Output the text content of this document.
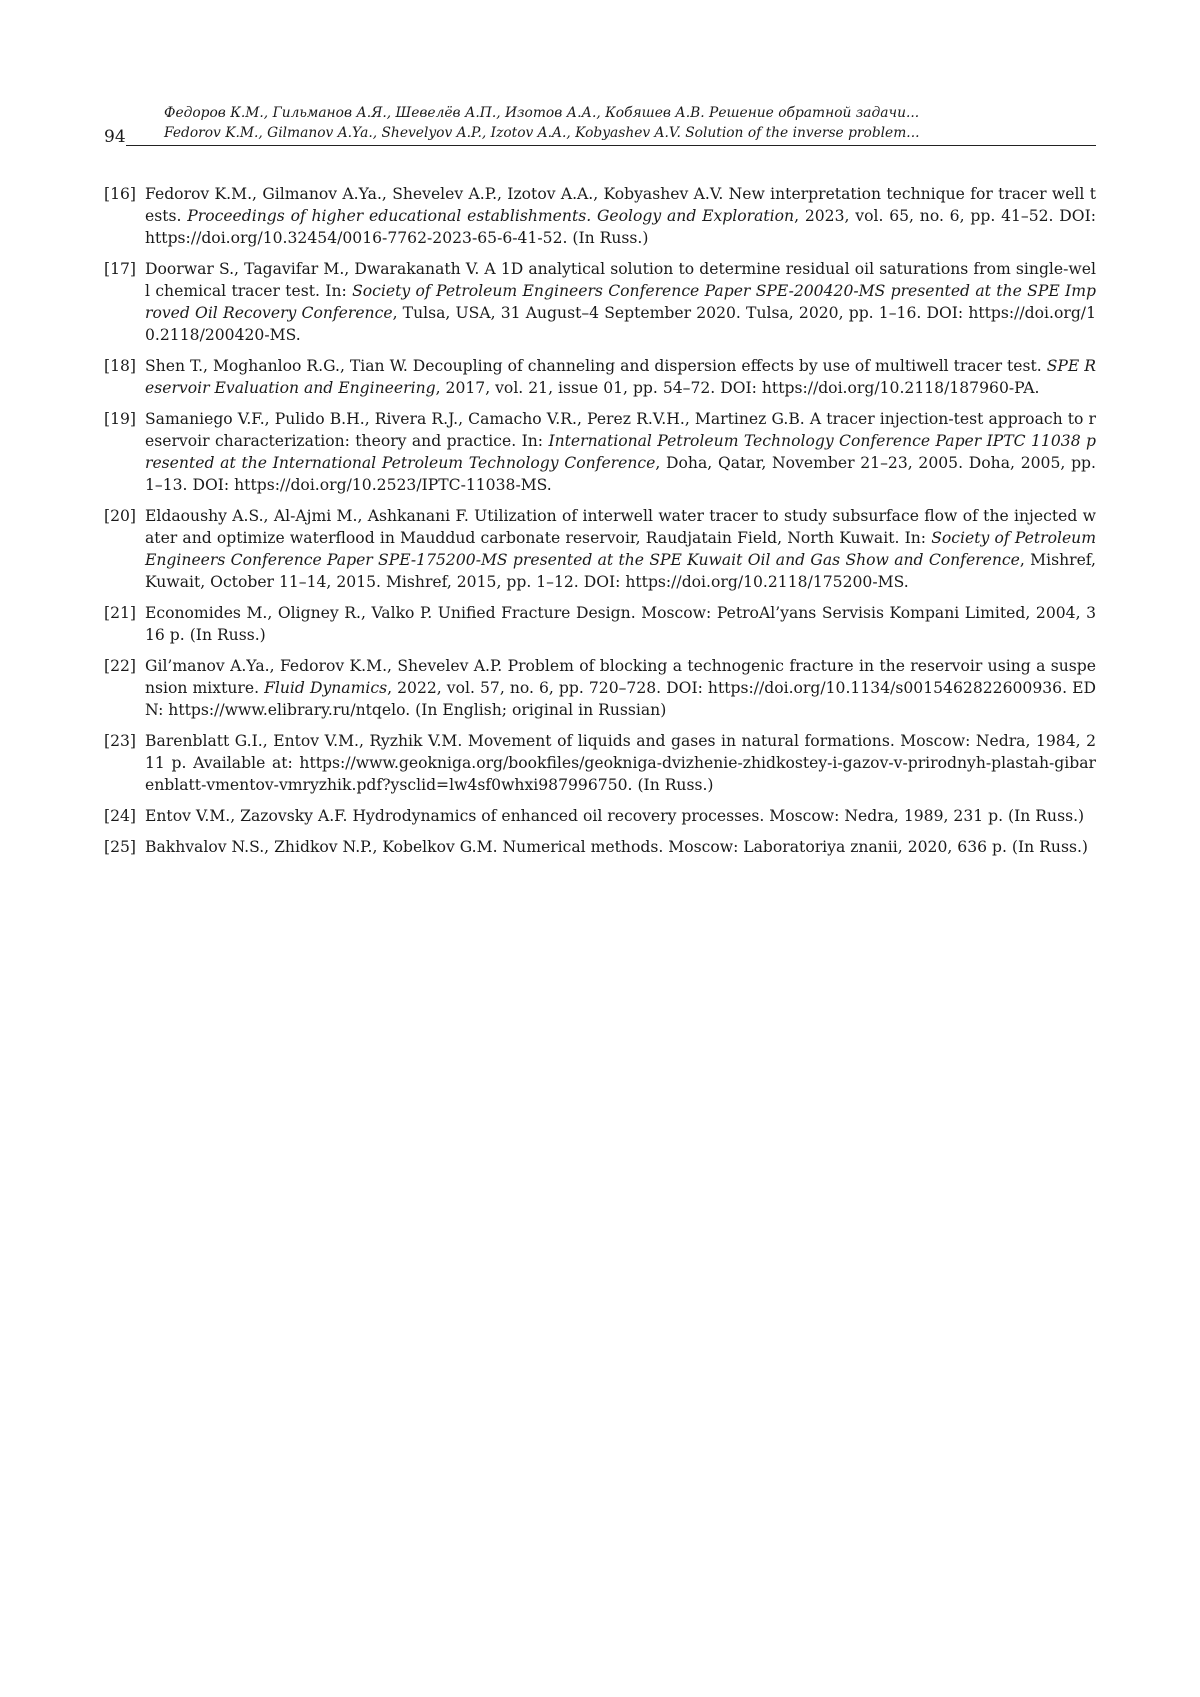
94
Федоров К.М., Гильманов А.Я., Шевелёв А.П., Изотов А.А., Кобяшев А.В. Решение обратной задачи...
Fedorov K.M., Gilmanov A.Ya., Shevelyov A.P., Izotov A.A., Kobyashev A.V. Solution of the inverse problem...
[16] Fedorov K.M., Gilmanov A.Ya., Shevelev A.P., Izotov A.A., Kobyashev A.V. New interpretation technique for tracer well tests. Proceedings of higher educational establishments. Geology and Exploration, 2023, vol. 65, no. 6, pp. 41–52. DOI: https://doi.org/10.32454/0016-7762-2023-65-6-41-52. (In Russ.)
[17] Doorwar S., Tagavifar M., Dwarakanath V. A 1D analytical solution to determine residual oil saturations from single-well chemical tracer test. In: Society of Petroleum Engineers Conference Paper SPE-200420-MS presented at the SPE Improved Oil Recovery Conference, Tulsa, USA, 31 August–4 September 2020. Tulsa, 2020, pp. 1–16. DOI: https://doi.org/10.2118/200420-MS.
[18] Shen T., Moghanloo R.G., Tian W. Decoupling of channeling and dispersion effects by use of multiwell tracer test. SPE Reservoir Evaluation and Engineering, 2017, vol. 21, issue 01, pp. 54–72. DOI: https://doi.org/10.2118/187960-PA.
[19] Samaniego V.F., Pulido B.H., Rivera R.J., Camacho V.R., Perez R.V.H., Martinez G.B. A tracer injection-test approach to reservoir characterization: theory and practice. In: International Petroleum Technology Conference Paper IPTC 11038 presented at the International Petroleum Technology Conference, Doha, Qatar, November 21–23, 2005. Doha, 2005, pp. 1–13. DOI: https://doi.org/10.2523/IPTC-11038-MS.
[20] Eldaoushy A.S., Al-Ajmi M., Ashkanani F. Utilization of interwell water tracer to study subsurface flow of the injected water and optimize waterflood in Mauddud carbonate reservoir, Raudjatain Field, North Kuwait. In: Society of Petroleum Engineers Conference Paper SPE-175200-MS presented at the SPE Kuwait Oil and Gas Show and Conference, Mishref, Kuwait, October 11–14, 2015. Mishref, 2015, pp. 1–12. DOI: https://doi.org/10.2118/175200-MS.
[21] Economides M., Oligney R., Valko P. Unified Fracture Design. Moscow: PetroAl’yans Servisis Kompani Limited, 2004, 316 p. (In Russ.)
[22] Gil’manov A.Ya., Fedorov K.M., Shevelev A.P. Problem of blocking a technogenic fracture in the reservoir using a suspension mixture. Fluid Dynamics, 2022, vol. 57, no. 6, pp. 720–728. DOI: https://doi.org/10.1134/s0015462822600936. EDN: https://www.elibrary.ru/ntqelo. (In English; original in Russian)
[23] Barenblatt G.I., Entov V.M., Ryzhik V.M. Movement of liquids and gases in natural formations. Moscow: Nedra, 1984, 211 p. Available at: https://www.geokniga.org/bookfiles/geokniga-dvizhenie-zhidkostey-i-gazov-v-prirodnyh-plastah-gibarenblatt-vmentov-vmryzhik.pdf?ysclid=lw4sf0whxi987996750. (In Russ.)
[24] Entov V.M., Zazovsky A.F. Hydrodynamics of enhanced oil recovery processes. Moscow: Nedra, 1989, 231 p. (In Russ.)
[25] Bakhvalov N.S., Zhidkov N.P., Kobelkov G.M. Numerical methods. Moscow: Laboratoriya znanii, 2020, 636 p. (In Russ.)
